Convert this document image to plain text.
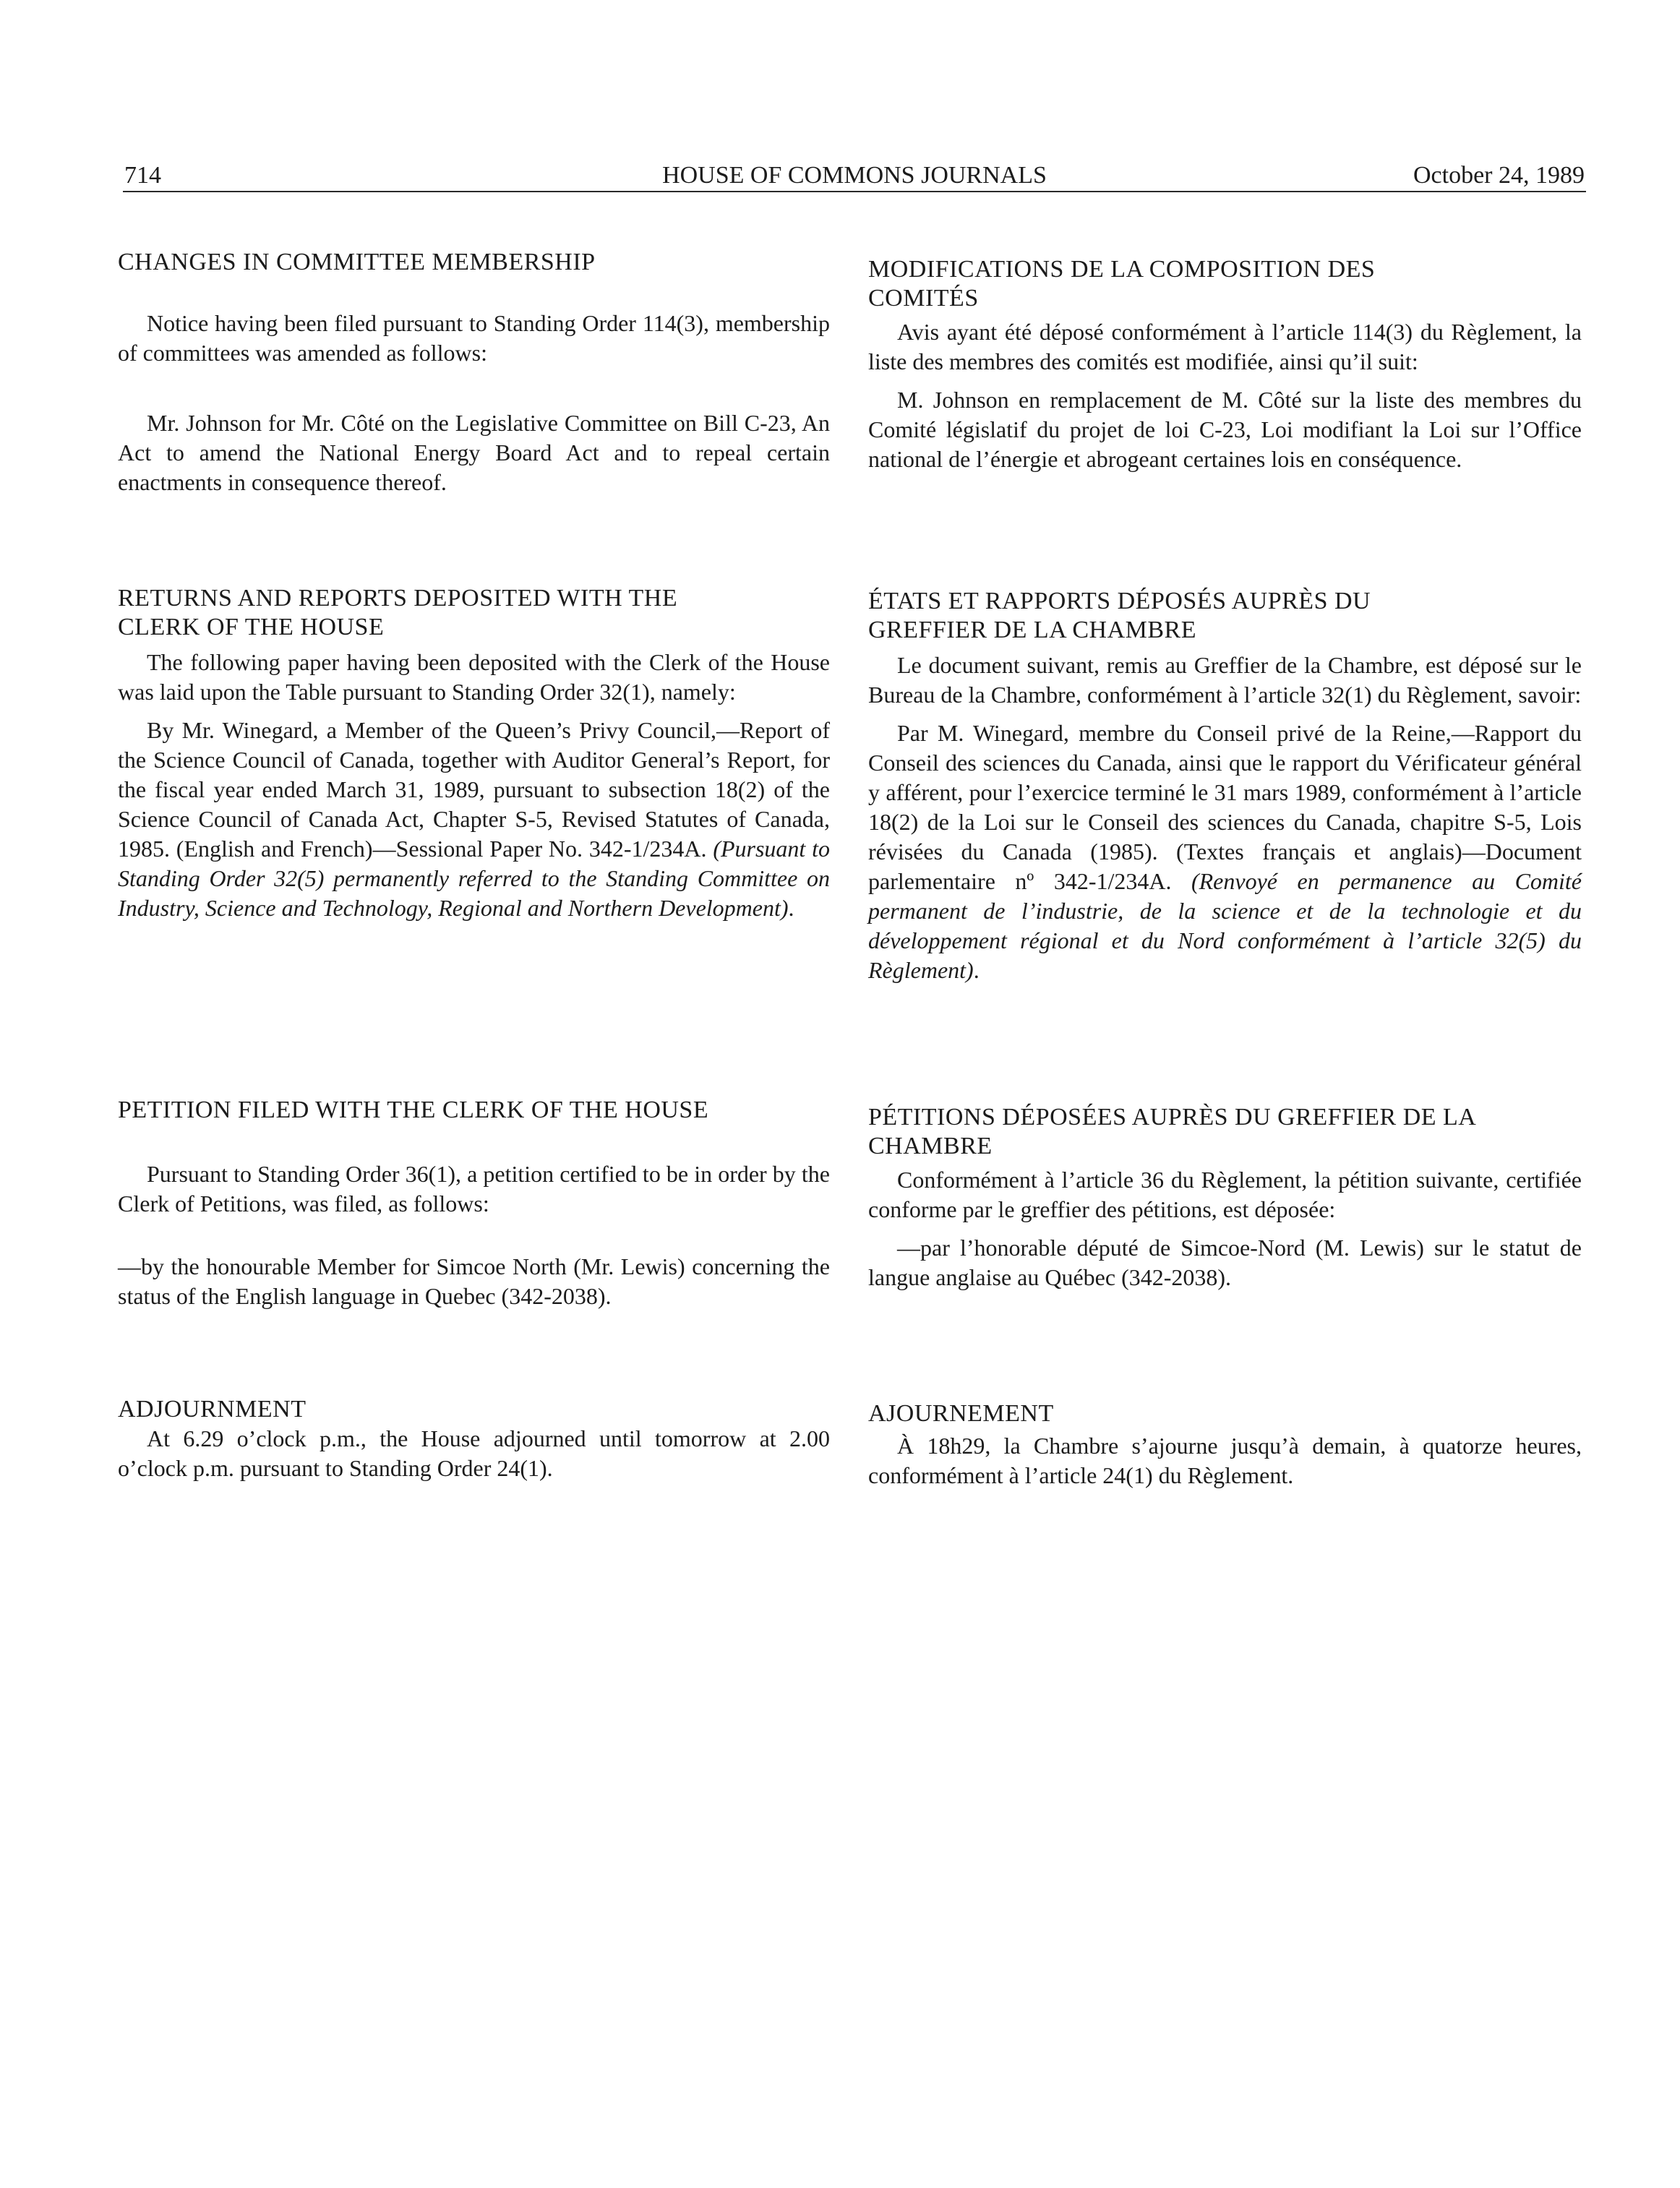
714	HOUSE OF COMMONS JOURNALS	October 24, 1989
CHANGES IN COMMITTEE MEMBERSHIP

Notice having been filed pursuant to Standing Order 114(3), membership of committees was amended as follows:

Mr. Johnson for Mr. Côté on the Legislative Committee on Bill C-23, An Act to amend the National Energy Board Act and to repeal certain enactments in consequence thereof.

RETURNS AND REPORTS DEPOSITED WITH THE
CLERK OF THE HOUSE

The following paper having been deposited with the Clerk of the House was laid upon the Table pursuant to Standing Order 32(1), namely:

By Mr. Winegard, a Member of the Queen’s Privy Council,—Report of the Science Council of Canada, together with Auditor General’s Report, for the fiscal year ended March 31, 1989, pursuant to subsection 18(2) of the Science Council of Canada Act, Chapter S-5, Revised Statutes of Canada, 1985. (English and French)—Sessional Paper No. 342-1/234A. (Pursuant to Standing Order 32(5) permanently referred to the Standing Committee on Industry, Science and Technology, Regional and Northern Development).

PETITION FILED WITH THE CLERK OF THE HOUSE

Pursuant to Standing Order 36(1), a petition certified to be in order by the Clerk of Petitions, was filed, as follows:

—by the honourable Member for Simcoe North (Mr. Lewis) concerning the status of the English language in Quebec (342-2038).

ADJOURNMENT

At 6.29 o’clock p.m., the House adjourned until tomorrow at 2.00 o’clock p.m. pursuant to Standing Order 24(1).

MODIFICATIONS DE LA COMPOSITION DES
COMITÉS

Avis ayant été déposé conformément à l’article 114(3) du Règlement, la liste des membres des comités est modifiée, ainsi qu’il suit:

M. Johnson en remplacement de M. Côté sur la liste des membres du Comité législatif du projet de loi C-23, Loi modifiant la Loi sur l’Office national de l’énergie et abrogeant certaines lois en conséquence.

ÉTATS ET RAPPORTS DÉPOSÉS AUPRÈS DU
GREFFIER DE LA CHAMBRE

Le document suivant, remis au Greffier de la Chambre, est déposé sur le Bureau de la Chambre, conformément à l’article 32(1) du Règlement, savoir:

Par M. Winegard, membre du Conseil privé de la Reine,—Rapport du Conseil des sciences du Canada, ainsi que le rapport du Vérificateur général y afférent, pour l’exercice terminé le 31 mars 1989, conformément à l’article 18(2) de la Loi sur le Conseil des sciences du Canada, chapitre S-5, Lois révisées du Canada (1985). (Textes français et anglais)—Document parlementaire nº 342-1/234A. (Renvoyé en permanence au Comité permanent de l’industrie, de la science et de la technologie et du développement régional et du Nord conformément à l’article 32(5) du Règlement).

PÉTITIONS DÉPOSÉES AUPRÈS DU GREFFIER DE LA
CHAMBRE

Conformément à l’article 36 du Règlement, la pétition suivante, certifiée conforme par le greffier des pétitions, est déposée:

—par l’honorable député de Simcoe-Nord (M. Lewis) sur le statut de langue anglaise au Québec (342-2038).

AJOURNEMENT

À 18h29, la Chambre s’ajourne jusqu’à demain, à quatorze heures, conformément à l’article 24(1) du Règlement.
